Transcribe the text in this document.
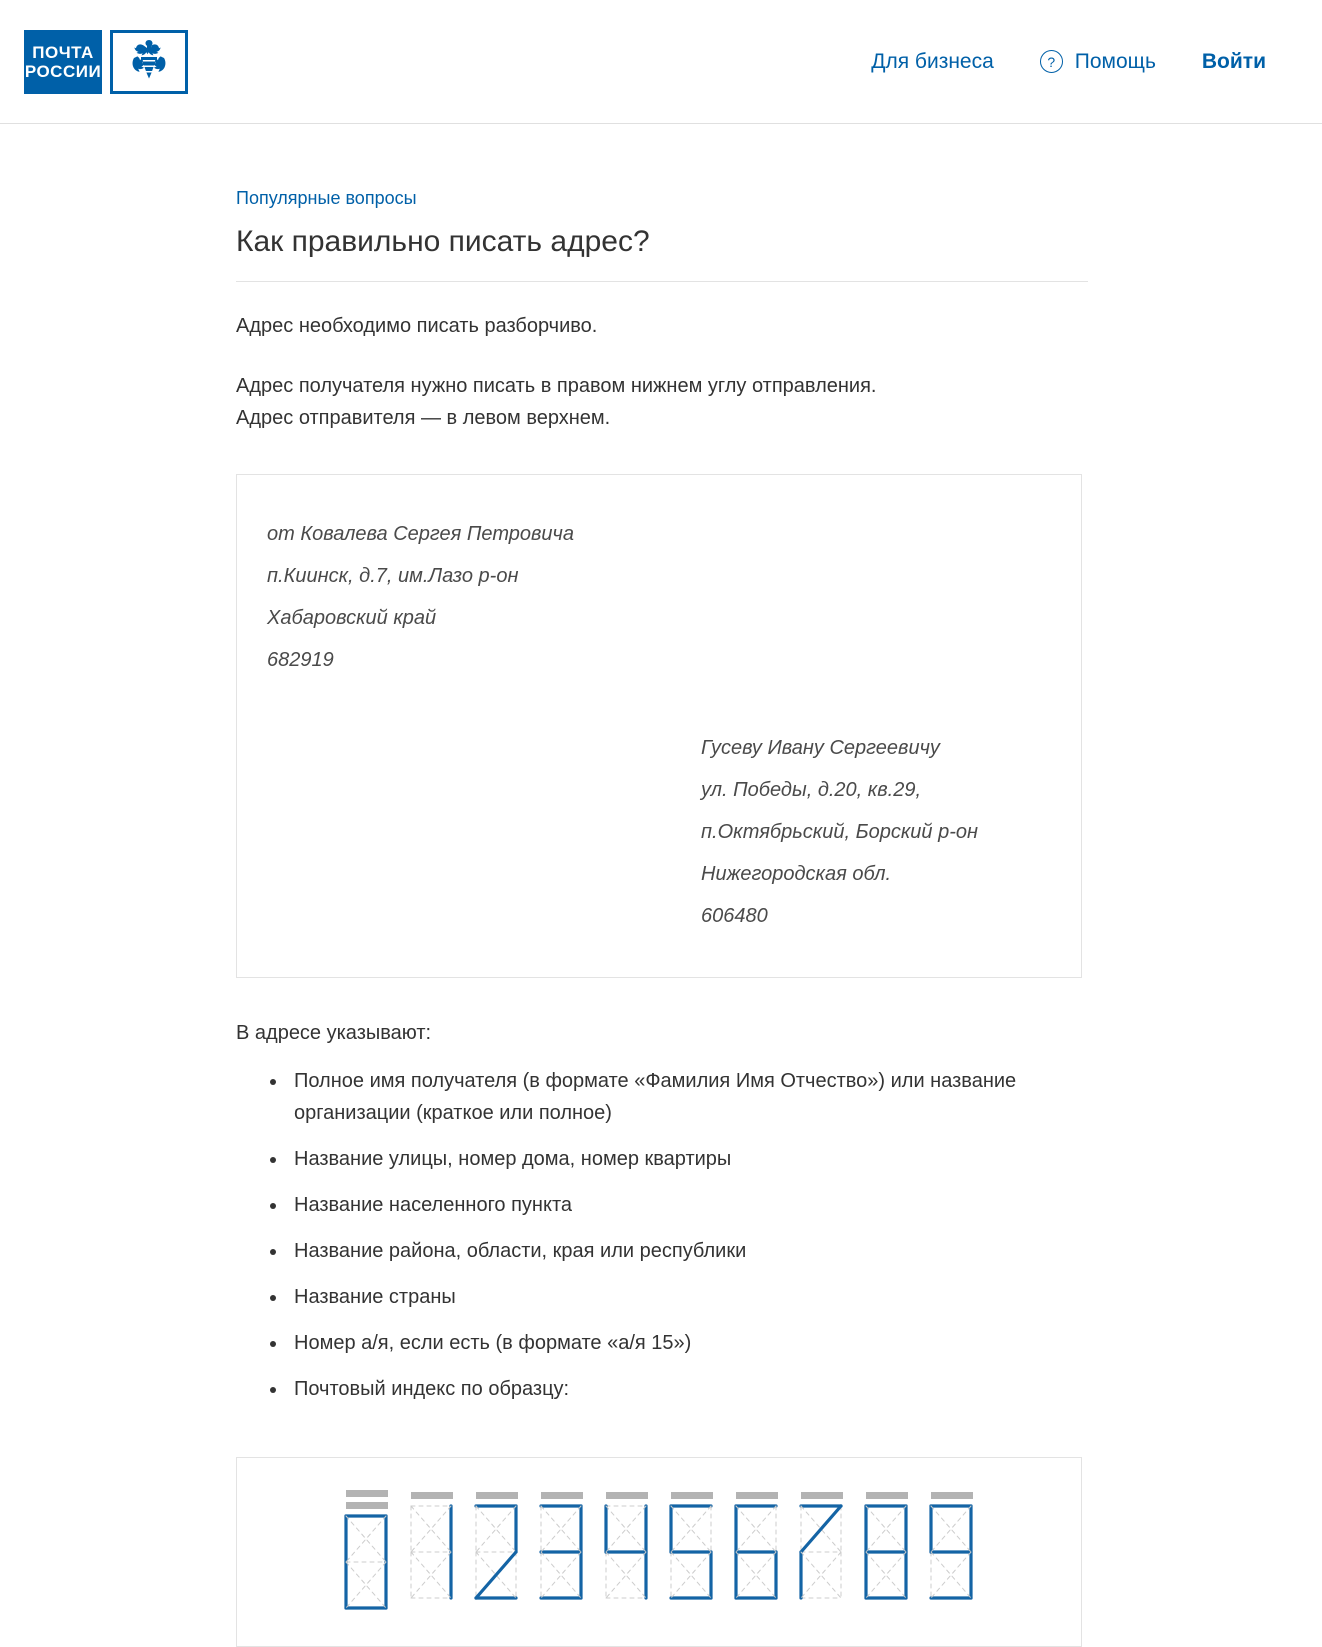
ПОЧТА
РОССИИ	Для бизнеса	? Помощь Войти
Популярные вопросы
Как правильно писать адрес?

Адрес необходимо писать разборчиво.

Адрес получателя нужно писать в правом нижнем углу отправления.
Адрес отправителя — в левом верхнем.

от Ковалева Сергея Петровича
п.Киинск, д.7, им.Лазо р-он
Хабаровский край
682919
Гусеву Ивану Сергеевичу
ул. Победы, д.20, кв.29,
п.Октябрьский, Борский р-он
Нижегородская обл.
606480

В адресе указывают:

Полное имя получателя (в формате «Фамилия Имя Отчество») или название организации (краткое или полное)
Название улицы, номер дома, номер квартиры
Название населенного пункта
Название района, области, края или республики
Название страны
Номер а/я, если есть (в формате «а/я 15»)
Почтовый индекс по образцу:
